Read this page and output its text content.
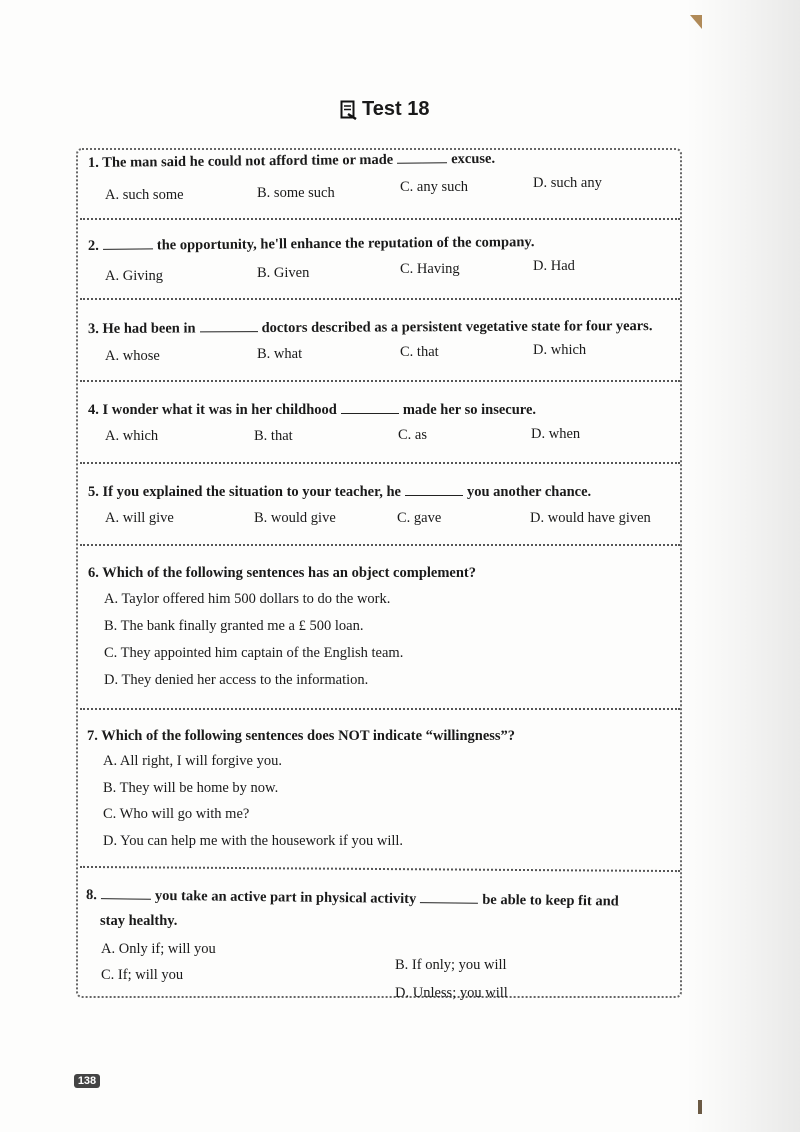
Test 18
1. The man said he could not afford time or made	excuse.
A. such some	B. some such	C. any such	D. such any
2.	the opportunity, he'll enhance the reputation of the company.
A. Giving	B. Given	C. Having	D. Had
3. He had been in	doctors described as a persistent vegetative state for four years.
A. whose	B. what	C. that	D. which
4. I wonder what it was in her childhood	made her so insecure.
A. which	B. that	C. as	D. when
5. If you explained the situation to your teacher, he	you another chance.
A. will give	B. would give	C. gave	D. would have given
6. Which of the following sentences has an object complement?
A. Taylor offered him 500 dollars to do the work.
B. The bank finally granted me a £ 500 loan.
C. They appointed him captain of the English team.
D. They denied her access to the information.
7. Which of the following sentences does NOT indicate “willingness”?
A. All right, I will forgive you.
B. They will be home by now.
C. Who will go with me?
D. You can help me with the housework if you will.
8.	you take an active part in physical activity	be able to keep fit and
stay healthy.
A. Only if; will you
B. If only; you will
C. If; will you
D. Unless; you will
138
